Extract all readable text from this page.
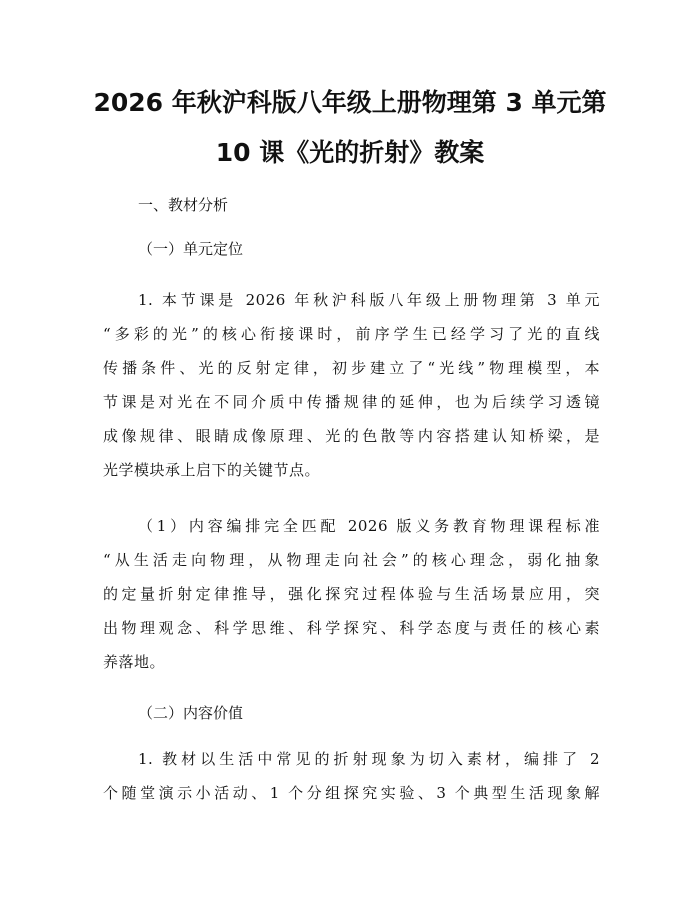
2026 年秋沪科版八年级上册物理第 3 单元第
10 课《光的折射》教案
一、教材分析
（一）单元定位
1. 本节课是 2026 年秋沪科版八年级上册物理第 3 单元
“多彩的光”的核心衔接课时，前序学生已经学习了光的直线
传播条件、光的反射定律，初步建立了“光线”物理模型，本
节课是对光在不同介质中传播规律的延伸，也为后续学习透镜
成像规律、眼睛成像原理、光的色散等内容搭建认知桥梁，是
光学模块承上启下的关键节点。
（1）内容编排完全匹配 2026 版义务教育物理课程标准
“从生活走向物理，从物理走向社会”的核心理念，弱化抽象
的定量折射定律推导，强化探究过程体验与生活场景应用，突
出物理观念、科学思维、科学探究、科学态度与责任的核心素
养落地。
（二）内容价值
1. 教材以生活中常见的折射现象为切入素材，编排了 2
个随堂演示小活动、1 个分组探究实验、3 个典型生活现象解
